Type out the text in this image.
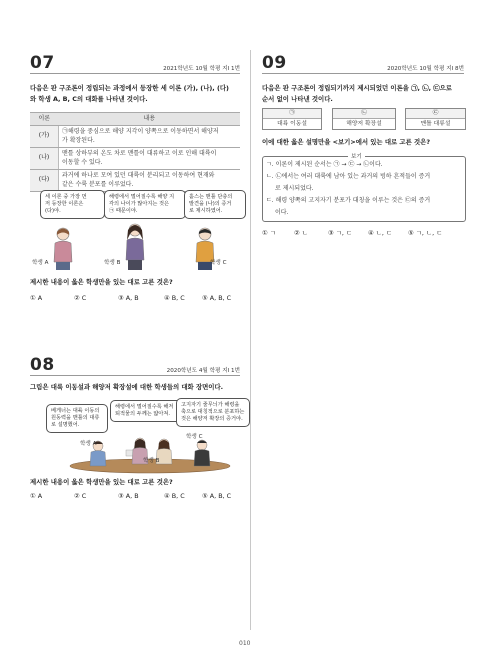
07	2021학년도 10월 학평 지Ⅰ 1번
다음은 판 구조론이 정립되는 과정에서 등장한 세 이론 (가), (나), (다)
와 학생 A, B, C의 대화를 나타낸 것이다.
이론	내용
(가)	㉠해령을 중심으로 해양 지각이 양쪽으로 이동하면서 해양저
가 확장된다.

(나)	맨틀 상하부의 온도 차로 맨틀이 대류하고 이로 인해 대륙이
이동할 수 있다.

(다)	과거에 하나로 모여 있던 대륙이 분리되고 이동하여 현재와
같은 수륙 분포를 이루었다.
세 이론 중 가장 먼
저 등장한 이론은
(다)야.
해령에서 멀어질수록 해양 지
각의 나이가 많아지는 것은
㉠ 때문이야.
홀스는 맨틀 단층의
발견을 (나)의 증거
로 제시하였어.
학생 A	학생 B	학생 C
제시한 내용이 옳은 학생만을 있는 대로 고른 것은?
① A	② C	③ A, B	④ B, C	⑤ A, B, C
08	2020학년도 4월 학평 지Ⅰ 1번
그림은 대륙 이동설과 해양저 확장설에 대한 학생들의 대화 장면이다.
베게너는 대륙 이동의
원동력을 맨틀의 대류
로 설명했어.
해령에서 멀어질수록 해저
퇴적물의 두께는 얇아져.
고지자기 줄무늬가 해령을
축으로 대칭적으로 분포하는
것은 해양저 확장의 증거야.
학생 A
학생 B
학생 C
제시한 내용이 옳은 학생만을 있는 대로 고른 것은?
① A	② C	③ A, B	④ B, C	⑤ A, B, C
09	2020학년도 10월 학평 지Ⅰ 8번
다음은 판 구조론이 정립되기까지 제시되었던 이론을 ㉠, ㉡, ㉢으로
순서 없이 나타낸 것이다.
㉠
대륙 이동설
㉡
해양저 확장설
㉢
맨틀 대류설
이에 대한 옳은 설명만을 <보기>에서 있는 대로 고른 것은?
보기
ㄱ. 이론이 제시된 순서는 ㉠ → ㉢ → ㉡이다.
ㄴ. ㉡에서는 여러 대륙에 남아 있는 과거의 빙하 흔적들이 증거
로 제시되었다.
ㄷ. 해령 양쪽의 고지자기 분포가 대칭을 이루는 것은 ㉢의 증거
이다.
① ㄱ	② ㄴ	③ ㄱ, ㄷ ④ ㄴ, ㄷ ⑤ ㄱ, ㄴ, ㄷ
010
